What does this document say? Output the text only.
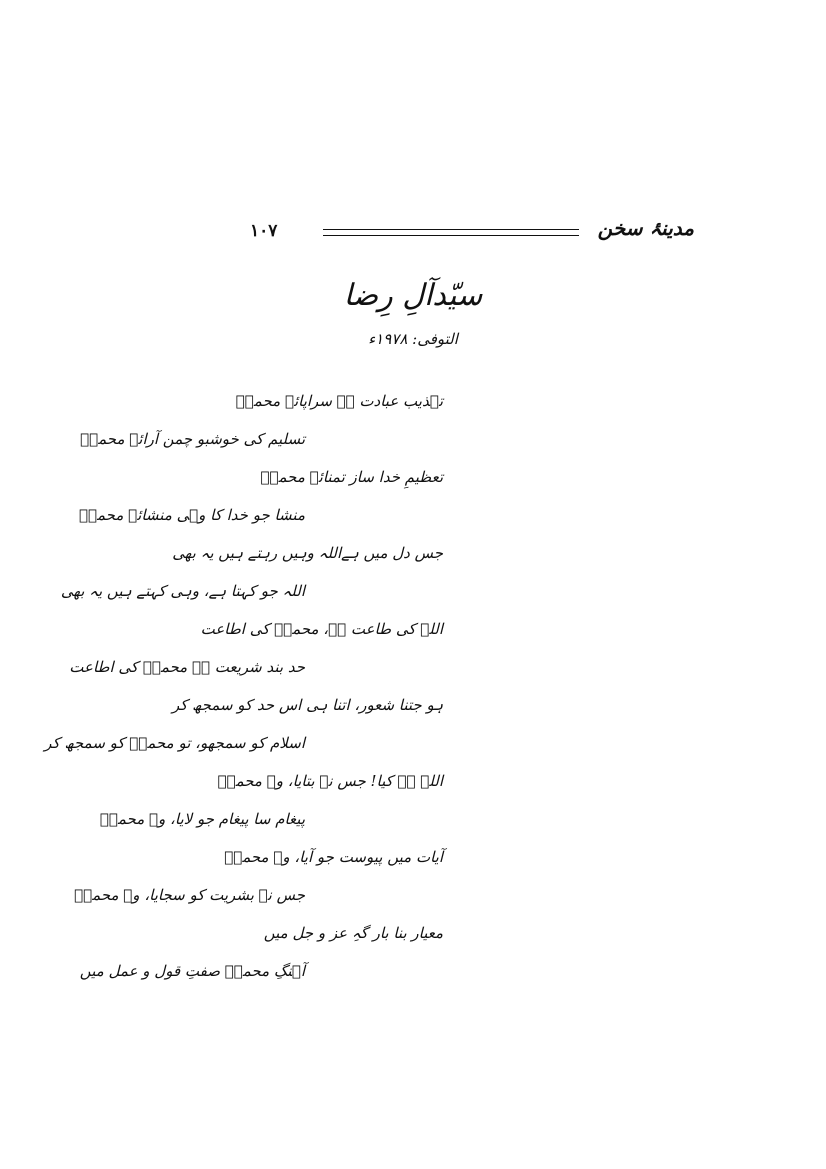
مدینۂ سخن
۱۰۷
سیّدآلِ رِضا
التوفی: ۱۹۷۸ء
تہذیب عبادت ہے سراپائے محمدؐ
تسلیم کی خوشبو چمن آرائے محمدؐ
تعظیمِ خدا ساز تمنائے محمدؐ
منشا جو خدا کا وہی منشائے محمدؐ
جس دل میں ہےاللہ وہیں رہتے ہیں یہ بھی
اللہ جو کہتا ہے، وہی کہتے ہیں یہ بھی
اللہ کی طاعت ہے، محمدؐ کی اطاعت
حد بند شریعت ہے محمدؐ کی اطاعت
ہو جتنا شعور، اتنا ہی اس حد کو سمجھ کر
اسلام کو سمجھو، تو محمدؐ کو سمجھ کر
اللہ ہے کیا! جس نے بتایا، وہ محمدؐ
پیغام سا پیغام جو لایا، وہ محمدؐ
آیات میں پیوست جو آیا، وہ محمدؐ
جس نے بشریت کو سجایا، وہ محمدؐ
معیار بنا بار گہِ عز و جل میں
آہنگِ محمدؐ صفتِ قول و عمل میں
